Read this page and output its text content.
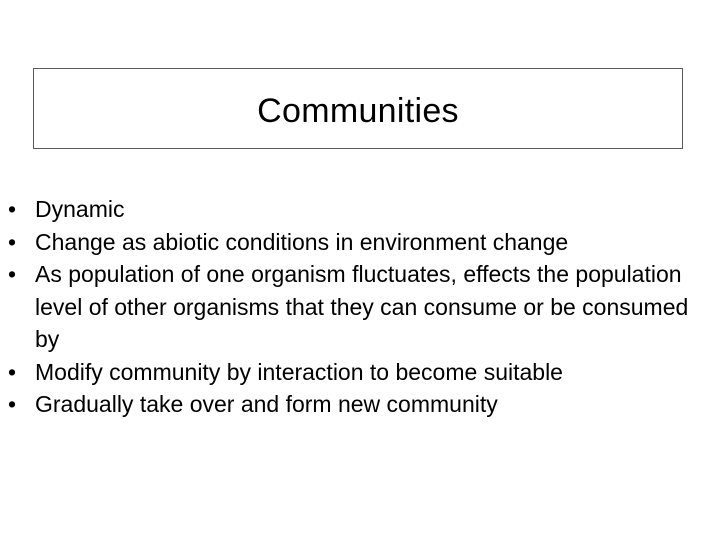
Communities
• Dynamic
• Change as abiotic conditions in environment change
• As population of one organism fluctuates, effects the population level of other organisms that they can consume or be consumed by
• Modify community by interaction to become suitable
• Gradually take over and form new community
